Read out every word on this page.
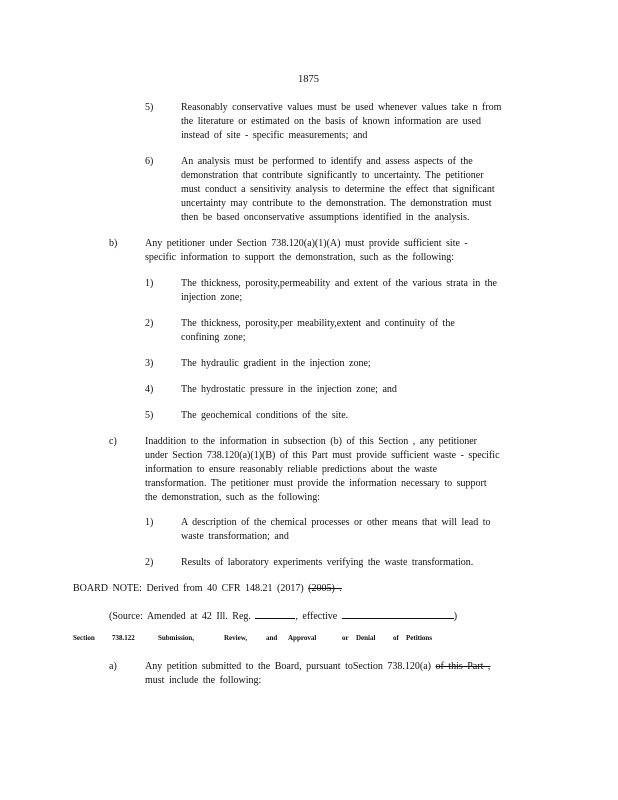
1875
5)	Reasonably conservative values must be used whenever values take n from
the literature or estimated on the basis of known information are used
instead of site - specific measurements; and
6)	An analysis must be performed to identify and assess aspects of the
demonstration that contribute significantly to uncertainty. The petitioner
must conduct a sensitivity analysis to determine the effect that significant
uncertainty may contribute to the demonstration. The demonstration must
then be based onconservative assumptions identified in the analysis.
b)	Any petitioner under Section 738.120(a)(1)(A) must provide sufficient site -
specific information to support the demonstration, such as the following:
1)	The thickness, porosity,permeability and extent of the various strata in the
injection zone;
2)	The thickness, porosity,per meability,extent and continuity of the
confining zone;
3)	The hydraulic gradient in the injection zone;
4)	The hydrostatic pressure in the injection zone; and
5)	The geochemical conditions of the site.
c)	Inaddition to the information in subsection (b) of this Section , any petitioner
under Section 738.120(a)(1)(B) of this Part must provide sufficient waste - specific
information to ensure reasonably reliable predictions about the waste
transformation. The petitioner must provide the information necessary to support
the demonstration, such as the following:
1)	A description of the chemical processes or other means that will lead to
waste transformation; and
2)	Results of laboratory experiments verifying the waste transformation.
BOARD NOTE: Derived from 40 CFR 148.21 (2017) (2005) .
(Source: Amended at 42 Ill. Reg.	, effective	)
Section 738.122	Submission,	Review,	and Approval	or Denial	of Petitions
a)	Any petition submitted to the Board, pursuant toSection 738.120(a) of this Part ,
must include the following:
